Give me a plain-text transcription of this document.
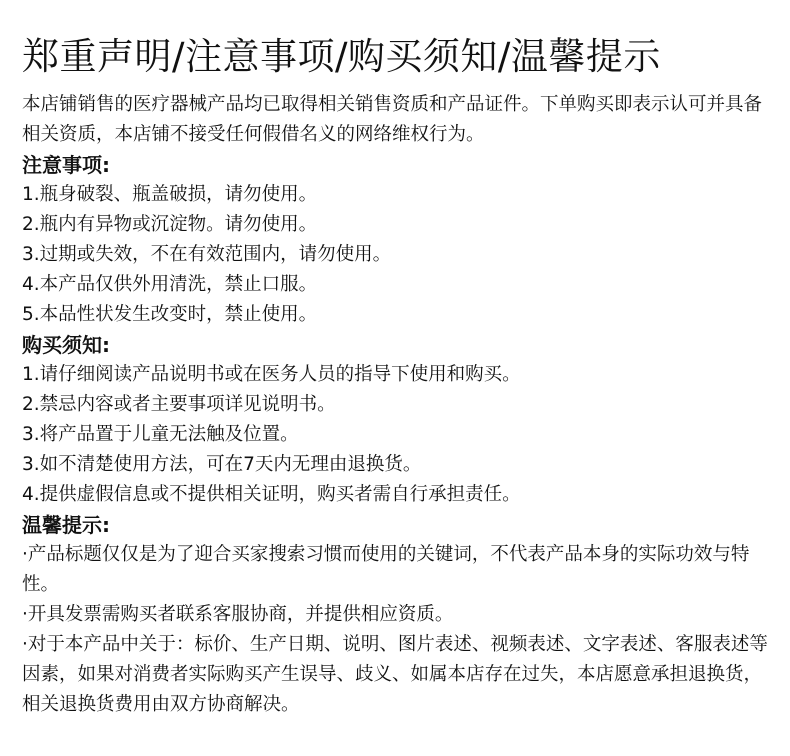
郑重声明/注意事项/购买须知/温馨提示

本店铺销售的医疗器械产品均已取得相关销售资质和产品证件。下单购买即表示认可并具备相关资质，本店铺不接受任何假借名义的网络维权行为。

注意事项:
1.瓶身破裂、瓶盖破损，请勿使用。
2.瓶内有异物或沉淀物。请勿使用。
3.过期或失效，不在有效范围内，请勿使用。
4.本产品仅供外用清洗，禁止口服。
5.本品性状发生改变时，禁止使用。
购买须知:
1.请仔细阅读产品说明书或在医务人员的指导下使用和购买。
2.禁忌内容或者主要事项详见说明书。
3.将产品置于儿童无法触及位置。
3.如不清楚使用方法，可在7天内无理由退换货。
4.提供虚假信息或不提供相关证明，购买者需自行承担责任。
温馨提示:
·产品标题仅仅是为了迎合买家搜索习惯而使用的关键词，不代表产品本身的实际功效与特性。
·开具发票需购买者联系客服协商，并提供相应资质。
·对于本产品中关于：标价、生产日期、说明、图片表述、视频表述、文字表述、客服表述等因素，如果对消费者实际购买产生误导、歧义、如属本店存在过失，本店愿意承担退换货，相关退换货费用由双方协商解决。
